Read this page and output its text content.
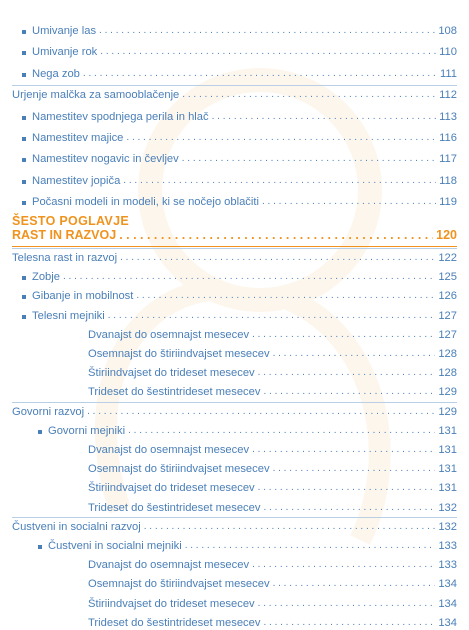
Umivanje las . . .	108
Umivanje rok . . .	110
Nega zob . . .	111
Urjenje malčka za samooblačenje . . .	112
Namestitev spodnjega perila in hlač . . .	113
Namestitev majice . . .	116
Namestitev nogavic in čevljev . . .	117
Namestitev jopiča . . .	118
Počasni modeli in modeli, ki se nočejo oblačiti . . .	119
ŠESTO POGLAVJE
RAST IN RAZVOJ . . .	120
Telesna rast in razvoj . . .	122
Zobje . . .	125
Gibanje in mobilnost . . .	126
Telesni mejniki . . .	127
Dvanajst do osemnajst mesecev . . .	127
Osemnajst do štiriindvajset mesecev . . .	128
Štiriindvajset do trideset mesecev . . .	128
Trideset do šestintrideset mesecev . . .	129
Govorni razvoj . . .	129
Govorni mejniki . . .	131
Dvanajst do osemnajst mesecev . . .	131
Osemnajst do štiriindvajset mesecev . . .	131
Štiriindvajset do trideset mesecev . . .	131
Trideset do šestintrideset mesecev . . .	132
Čustveni in socialni razvoj . . .	132
Čustveni in socialni mejniki . . .	133
Dvanajst do osemnajst mesecev . . .	133
Osemnajst do štiriindvajset mesecev . . .	134
Štiriindvajset do trideset mesecev . . .	134
Trideset do šestintrideset mesecev . . .	134
